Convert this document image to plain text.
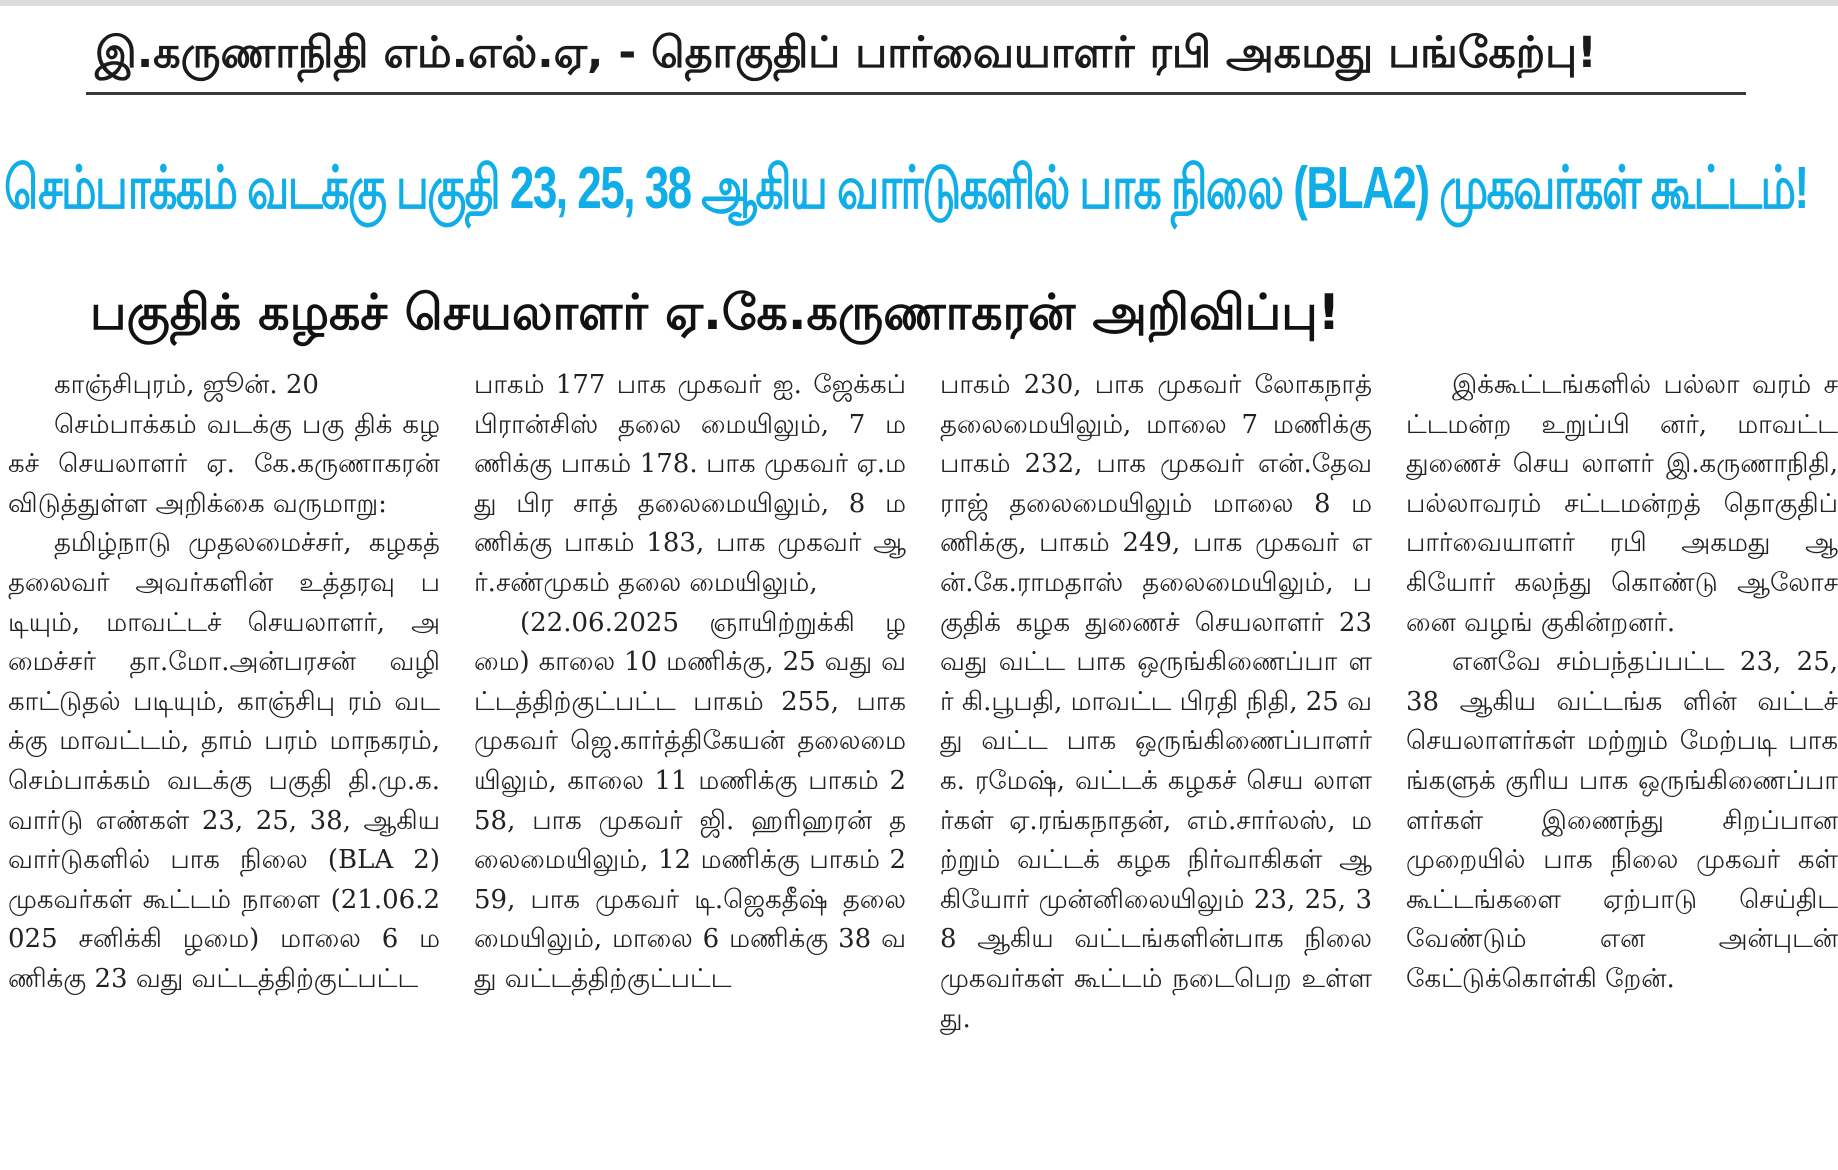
இ.கருணாநிதி எம்.எல்.ஏ, - தொகுதிப் பார்வையாளர் ரபி அகமது பங்கேற்பு!
செம்பாக்கம் வடக்கு பகுதி 23, 25, 38 ஆகிய வார்டுகளில் பாக நிலை (BLA2) முகவர்கள் கூட்டம்!
பகுதிக் கழகச் செயலாளர் ஏ.கே.கருணாகரன் அறிவிப்பு!

காஞ்சிபுரம், ஜூன். 20

செம்பாக்கம் வடக்கு பகு திக் கழகச் செயலாளர் ஏ. கே.கருணாகரன் விடுத்துள்ள அறிக்கை வருமாறு:

தமிழ்நாடு முதலமைச்சர், கழகத் தலைவர் அவர்களின் உத்தரவு படியும், மாவட்டச் செயலாளர், அமைச்சர் தா.மோ.அன்பரசன் வழி காட்டுதல் படியும், காஞ்சிபு ரம் வடக்கு மாவட்டம், தாம் பரம் மாநகரம், செம்பாக்கம் வடக்கு பகுதி தி.மு.க. வார்டு எண்கள் 23, 25, 38, ஆகிய வார்டுகளில் பாக நிலை (BLA 2) முகவர்கள் கூட்டம் நாளை (21.06.2025 சனிக்கி ழமை) மாலை 6 மணிக்கு 23 வது வட்டத்திற்குட்பட்ட

பாகம் 177 பாக முகவர் ஐ. ஜேக்கப் பிரான்சிஸ் தலை மையிலும், 7 மணிக்கு பாகம் 178. பாக முகவர் ஏ.மது பிர சாத் தலைமையிலும், 8 மணிக்கு பாகம் 183, பாக முகவர் ஆர்.சண்முகம் தலை மையிலும்,

(22.06.2025 ஞாயிற்றுக்கி ழமை) காலை 10 மணிக்கு, 25 வது வட்டத்திற்குட்பட்ட பாகம் 255, பாக முகவர் ஜெ.கார்த்திகேயன் தலைமை யிலும், காலை 11 மணிக்கு பாகம் 258, பாக முகவர் ஜி. ஹரிஹரன் தலைமையிலும், 12 மணிக்கு பாகம் 259, பாக முகவர் டி.ஜெகதீஷ் தலை மையிலும், மாலை 6 மணிக்கு 38 வது வட்டத்திற்குட்பட்ட

பாகம் 230, பாக முகவர் லோகநாத் தலைமையிலும், மாலை 7 மணிக்கு பாகம் 232, பாக முகவர் என்.தேவராஜ் தலைமையிலும் மாலை 8 மணிக்கு, பாகம் 249, பாக முகவர் என்.கே.ராமதாஸ் தலைமையிலும், பகுதிக் கழக துணைச் செயலாளர் 23 வது வட்ட பாக ஒருங்கிணைப்பா ளர் கி.பூபதி, மாவட்ட பிரதி நிதி, 25 வது வட்ட பாக ஒருங்கிணைப்பாளர் க. ரமேஷ், வட்டக் கழகச் செய லாளர்கள் ஏ.ரங்கநாதன், எம்.சார்லஸ், மற்றும் வட்டக் கழக நிர்வாகிகள் ஆகியோர் முன்னிலையிலும் 23, 25, 38 ஆகிய வட்டங்களின்பாக நிலை முகவர்கள் கூட்டம் நடைபெற உள்ளது.

இக்கூட்டங்களில் பல்லா வரம் சட்டமன்ற உறுப்பி னர், மாவட்ட துணைச் செய லாளர் இ.கருணாநிதி, பல்லாவரம் சட்டமன்றத் தொகுதிப் பார்வையாளர் ரபி அகமது ஆகியோர் கலந்து கொண்டு ஆலோசனை வழங் குகின்றனர்.

எனவே சம்பந்தப்பட்ட 23, 25, 38 ஆகிய வட்டங்க ளின் வட்டச் செயலாளர்கள் மற்றும் மேற்படி பாகங்களுக் குரிய பாக ஒருங்கிணைப்பா ளர்கள் இணைந்து சிறப்பான முறையில் பாக நிலை முகவர் கள் கூட்டங்களை ஏற்பாடு செய்திட வேண்டும் என அன்புடன் கேட்டுக்கொள்கி றேன்.
